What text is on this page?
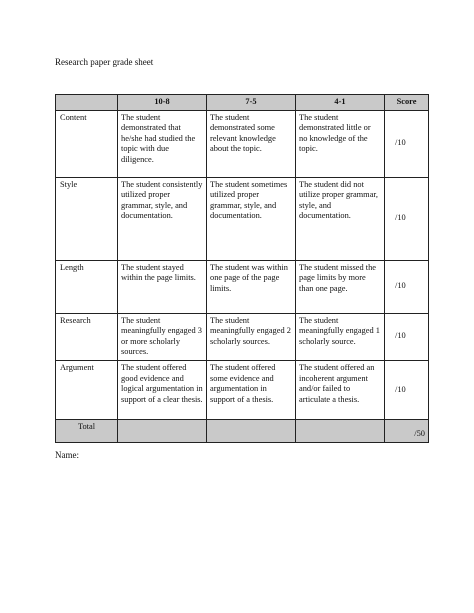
Research paper grade sheet
	10-8	7-5	4-1	Score
Content	The student demonstrated that he/she had studied the topic with due diligence.	The student demonstrated some relevant knowledge about the topic.	The student demonstrated little or no knowledge of the topic.	/10
Style	The student consistently utilized proper grammar, style, and documentation.	The student sometimes utilized proper grammar, style, and documentation.	The student did not utilize proper grammar, style, and documentation.	/10
Length	The student stayed within the page limits.	The student was within one page of the page limits.	The student missed the page limits by more than one page.	/10
Research	The student meaningfully engaged 3 or more scholarly sources.	The student meaningfully engaged 2 scholarly sources.	The student meaningfully engaged 1 scholarly source.	/10
Argument	The student offered good evidence and logical argumentation in support of a clear thesis.	The student offered some evidence and argumentation in support of a thesis.	The student offered an incoherent argument and/or failed to articulate a thesis.	/10
Total				/50
Name:
